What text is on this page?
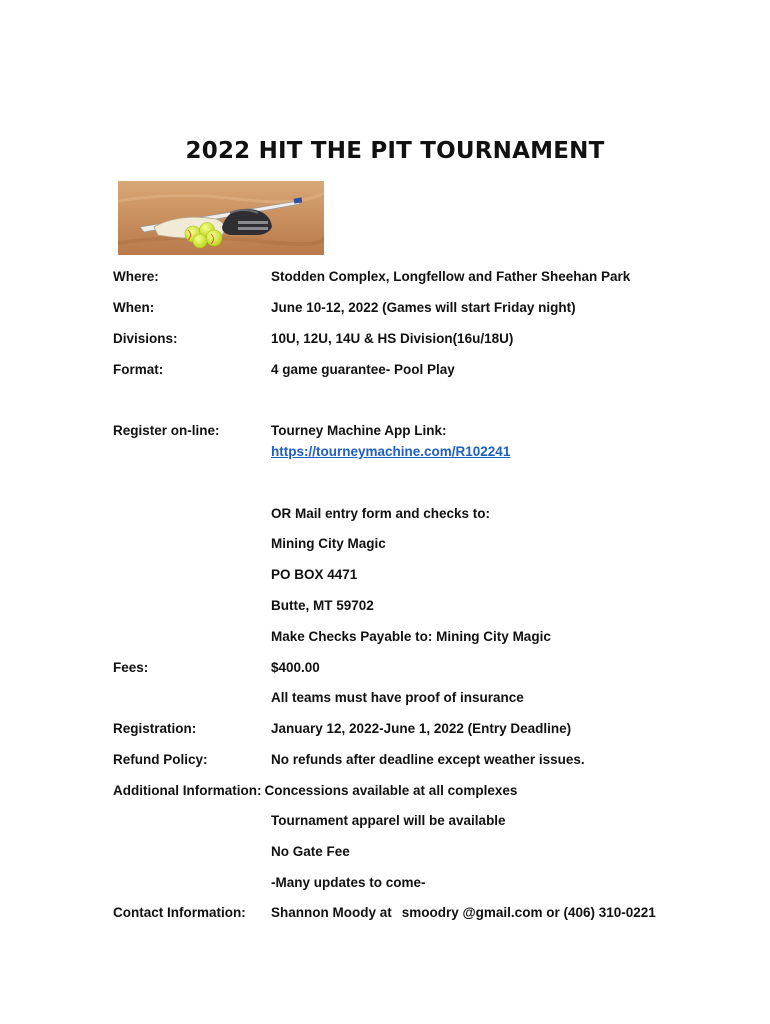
2022 HIT THE PIT TOURNAMENT
Where:	Stodden Complex, Longfellow and Father Sheehan Park
When:	June 10-12, 2022 (Games will start Friday night)
Divisions:	10U, 12U, 14U & HS Division(16u/18U)
Format:	4 game guarantee- Pool Play
Register on-line:	Tourney Machine App Link:
https://tourneymachine.com/R102241
OR Mail entry form and checks to:
Mining City Magic
PO BOX 4471
Butte, MT 59702
Make Checks Payable to: Mining City Magic
Fees:	$400.00
All teams must have proof of insurance
Registration:	January 12, 2022-June 1, 2022 (Entry Deadline)
Refund Policy:	No refunds after deadline except weather issues.
Additional Information: Concessions available at all complexes
Tournament apparel will be available
No Gate Fee
-Many updates to come-
Contact Information: Shannon Moody at smoodry @gmail.com or (406) 310-0221
